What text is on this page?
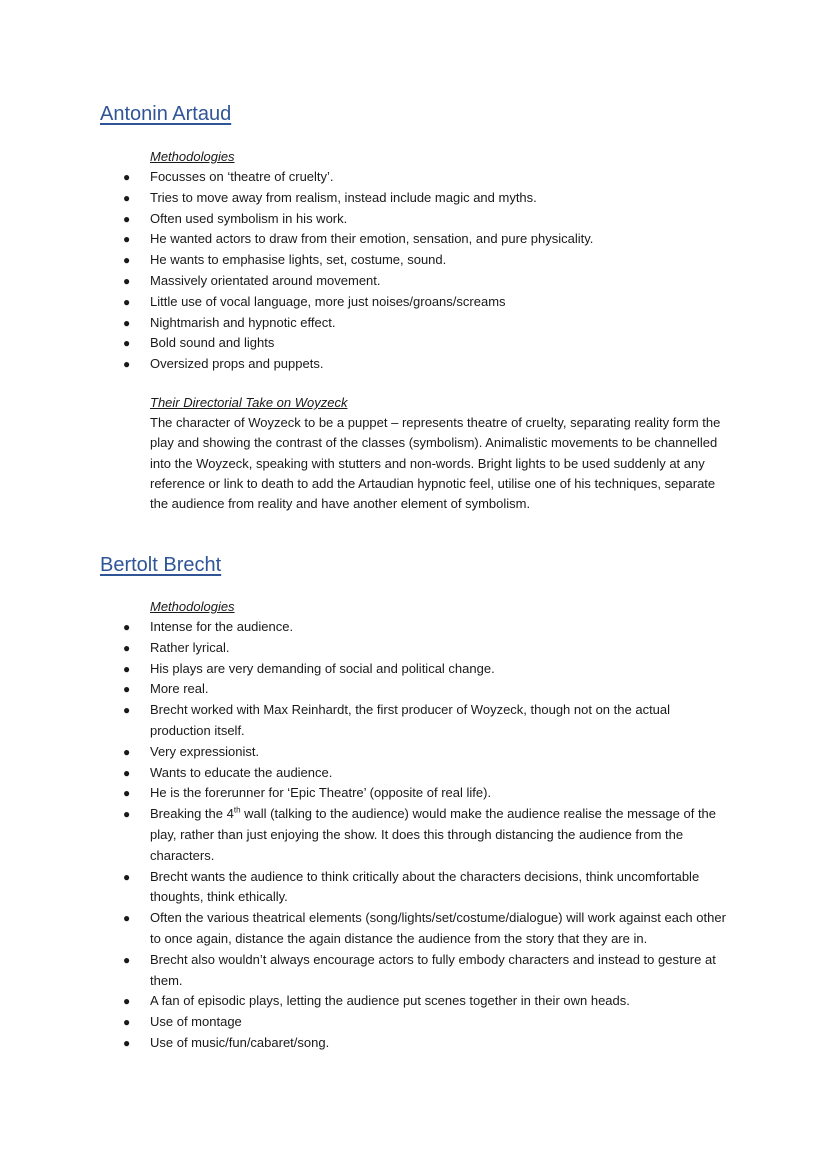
Antonin Artaud
Methodologies
● Focusses on ‘theatre of cruelty’.
● Tries to move away from realism, instead include magic and myths.
● Often used symbolism in his work.
● He wanted actors to draw from their emotion, sensation, and pure physicality.
● He wants to emphasise lights, set, costume, sound.
● Massively orientated around movement.
● Little use of vocal language, more just noises/groans/screams
● Nightmarish and hypnotic effect.
● Bold sound and lights
● Oversized props and puppets.
Their Directorial Take on Woyzeck

The character of Woyzeck to be a puppet – represents theatre of cruelty, separating reality form the play and showing the contrast of the classes (symbolism). Animalistic movements to be channelled into the Woyzeck, speaking with stutters and non-words. Bright lights to be used suddenly at any reference or link to death to add the Artaudian hypnotic feel, utilise one of his techniques, separate the audience from reality and have another element of symbolism.

Bertolt Brecht
Methodologies
● Intense for the audience.
● Rather lyrical.
● His plays are very demanding of social and political change.
● More real.
● Brecht worked with Max Reinhardt, the first producer of Woyzeck, though not on the actual production itself.
● Very expressionist.
● Wants to educate the audience.
● He is the forerunner for ‘Epic Theatre’ (opposite of real life).
● Breaking the 4th wall (talking to the audience) would make the audience realise the message of the play, rather than just enjoying the show. It does this through distancing the audience from the characters.
● Brecht wants the audience to think critically about the characters decisions, think uncomfortable thoughts, think ethically.
● Often the various theatrical elements (song/lights/set/costume/dialogue) will work against each other to once again, distance the again distance the audience from the story that they are in.
● Brecht also wouldn’t always encourage actors to fully embody characters and instead to gesture at them.
● A fan of episodic plays, letting the audience put scenes together in their own heads.
● Use of montage
● Use of music/fun/cabaret/song.
